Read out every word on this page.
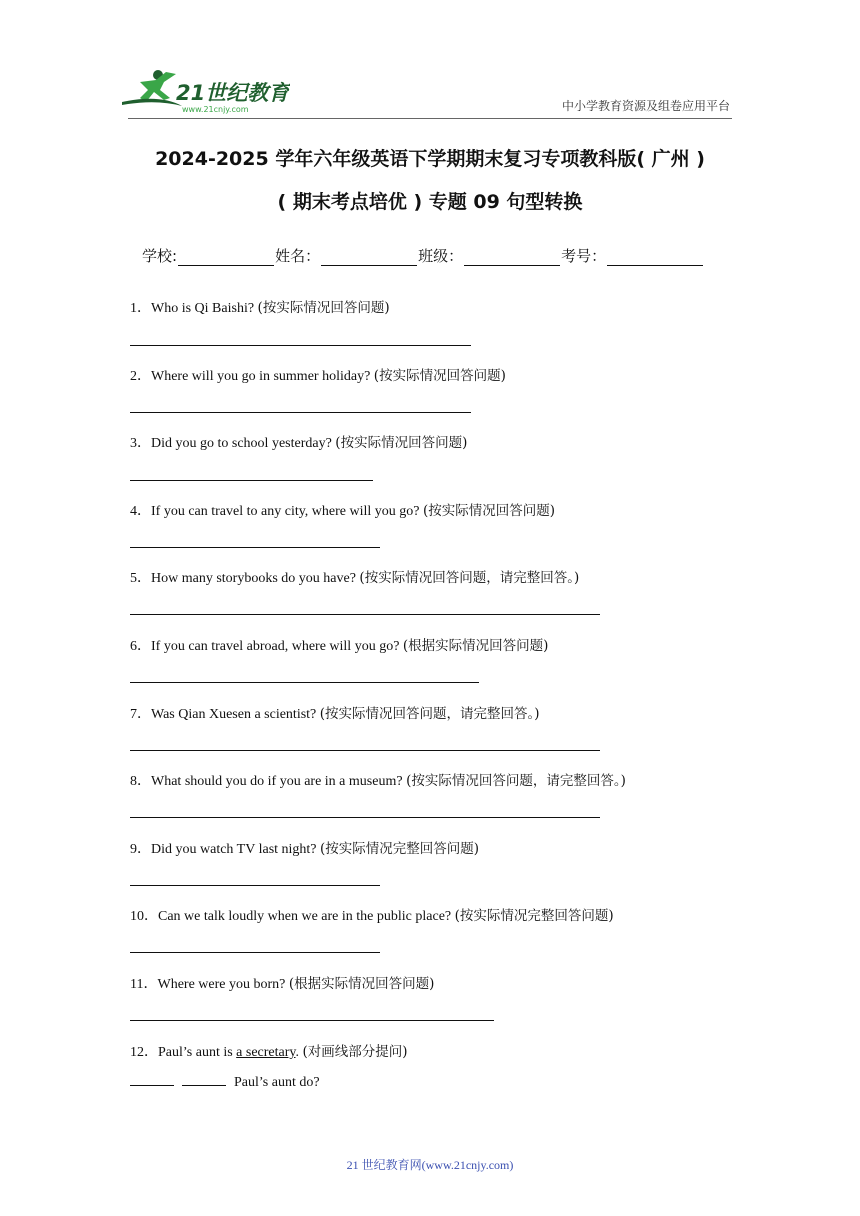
21世纪教育
www.21cnjy.com	中小学教育资源及组卷应用平台
2024-2025 学年六年级英语下学期期末复习专项教科版( 广州 )
( 期末考点培优 ) 专题 09 句型转换
学校:	姓名：	班级：	考号：
1．Who is Qi Baishi? (按实际情况回答问题)
2．Where will you go in summer holiday? (按实际情况回答问题)
3．Did you go to school yesterday? (按实际情况回答问题)
4．If you can travel to any city, where will you go? (按实际情况回答问题)
5．How many storybooks do you have? (按实际情况回答问题，请完整回答。)
6．If you can travel abroad, where will you go? (根据实际情况回答问题)
7．Was Qian Xuesen a scientist? (按实际情况回答问题，请完整回答。)
8．What should you do if you are in a museum? (按实际情况回答问题，请完整回答。)
9．Did you watch TV last night? (按实际情况完整回答问题)
10．Can we talk loudly when we are in the public place? (按实际情况完整回答问题)
11．Where were you born? (根据实际情况回答问题)
12．Paul’s aunt is a secretary. (对画线部分提问)
Paul’s aunt do?
21 世纪教育网(www.21cnjy.com)
